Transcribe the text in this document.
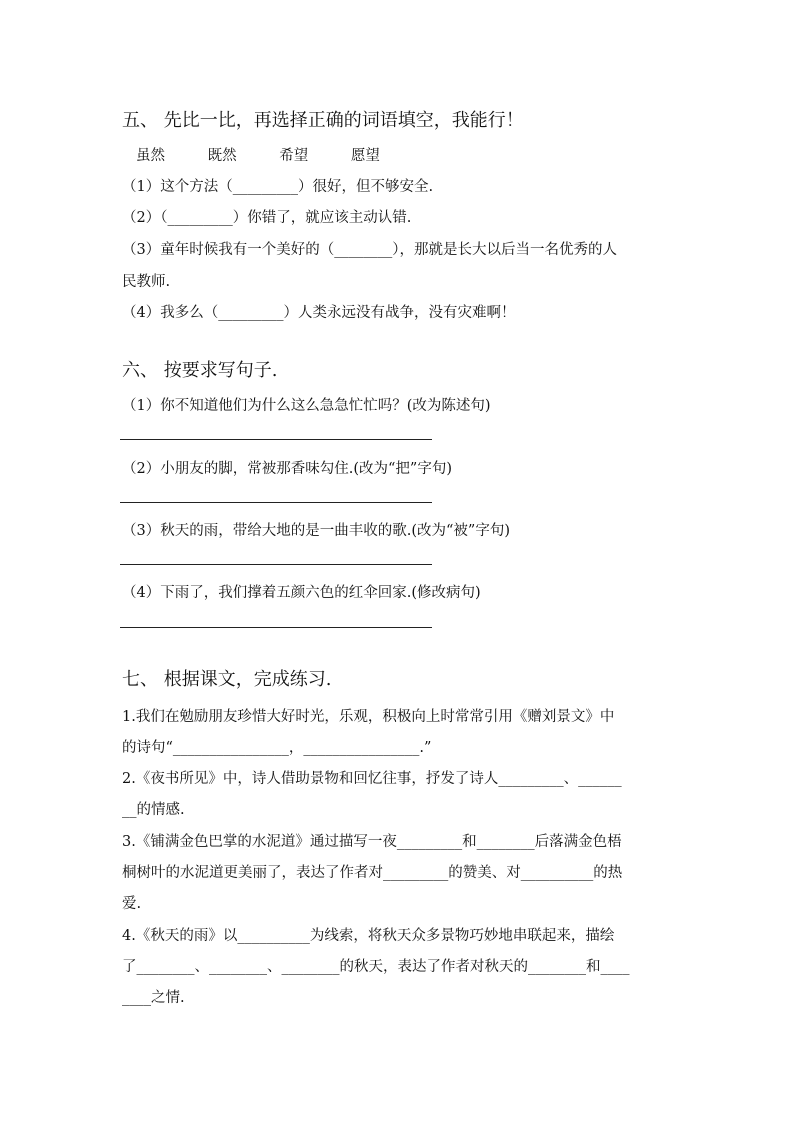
五、 先比一比，再选择正确的词语填空，我能行！
虽然	既然	希望	愿望
（1）这个方法（_________）很好，但不够安全.
（2）（_________）你错了，就应该主动认错.
（3）童年时候我有一个美好的（________），那就是长大以后当一名优秀的人
民教师.
（4）我多么（_________）人类永远没有战争，没有灾难啊！
六、 按要求写句子.
（1）你不知道他们为什么这么急急忙忙吗？(改为陈述句)
（2）小朋友的脚，常被那香味勾住.(改为“把”字句)
（3）秋天的雨，带给大地的是一曲丰收的歌.(改为“被”字句)
（4）下雨了，我们撑着五颜六色的红伞回家.(修改病句)
七、 根据课文，完成练习.
1.我们在勉励朋友珍惜大好时光，乐观，积极向上时常常引用《赠刘景文》中
的诗句“________________，________________.”
2.《夜书所见》中，诗人借助景物和回忆往事，抒发了诗人_________、______
__的情感.
3.《铺满金色巴掌的水泥道》通过描写一夜_________和________后落满金色梧
桐树叶的水泥道更美丽了，表达了作者对_________的赞美、对__________的热
爱.
4.《秋天的雨》以__________为线索，将秋天众多景物巧妙地串联起来，描绘
了________、________、________的秋天，表达了作者对秋天的________和____
____之情.
